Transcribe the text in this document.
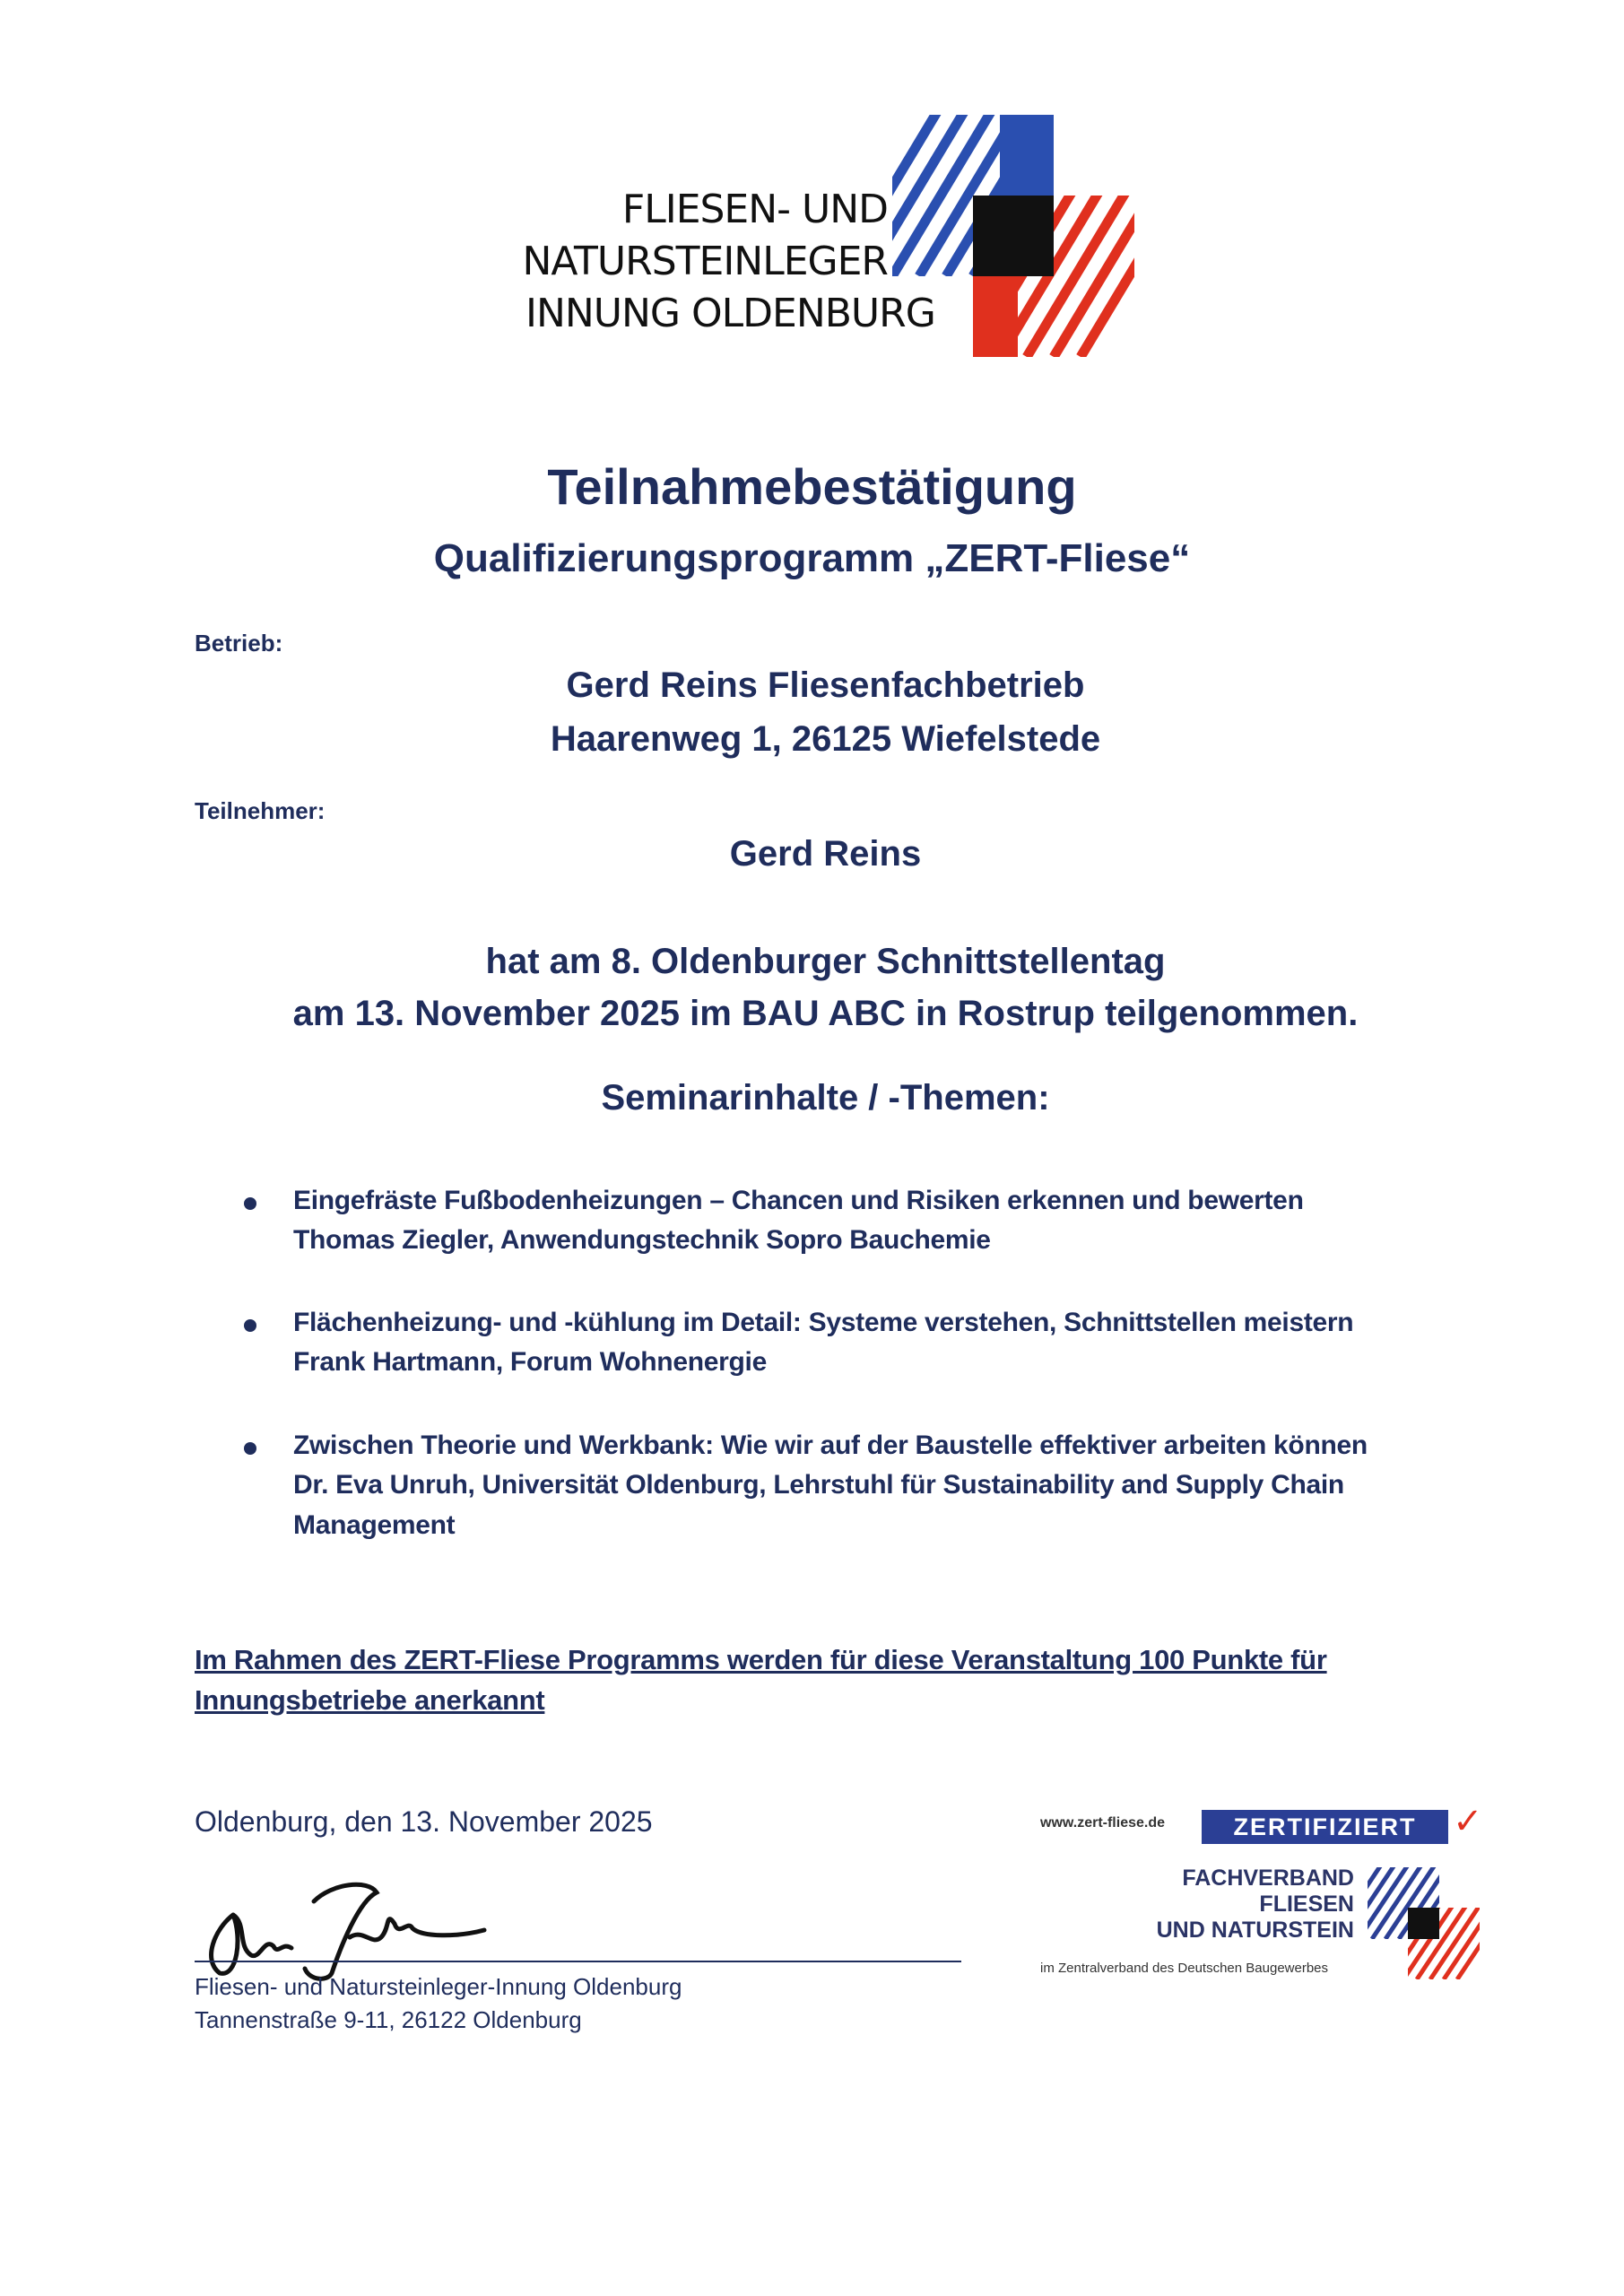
FLIESEN- UND
NATURSTEINLEGER
INNUNG OLDENBURG
Teilnahmebestätigung
Qualifizierungsprogramm „ZERT-Fliese“
Betrieb:
Gerd Reins Fliesenfachbetrieb
Haarenweg 1, 26125 Wiefelstede
Teilnehmer:
Gerd Reins
hat am 8. Oldenburger Schnittstellentag
am 13. November 2025 im BAU ABC in Rostrup teilgenommen.
Seminarinhalte / -Themen:
Eingefräste Fußbodenheizungen – Chancen und Risiken erkennen und bewerten
Thomas Ziegler, Anwendungstechnik Sopro Bauchemie
Flächenheizung- und -kühlung im Detail: Systeme verstehen, Schnittstellen meistern
Frank Hartmann, Forum Wohnenergie
Zwischen Theorie und Werkbank: Wie wir auf der Baustelle effektiver arbeiten können
Dr. Eva Unruh, Universität Oldenburg, Lehrstuhl für Sustainability and Supply Chain
Management
Im Rahmen des ZERT-Fliese Programms werden für diese Veranstaltung 100 Punkte für
Innungsbetriebe anerkannt
Oldenburg, den 13. November 2025
Fliesen- und Natursteinleger-Innung Oldenburg
Tannenstraße 9-11, 26122 Oldenburg
www.zert-fliese.de	ZERTIFIZIERT	✓
FACHVERBAND
FLIESEN
UND NATURSTEIN
im Zentralverband des Deutschen Baugewerbes
